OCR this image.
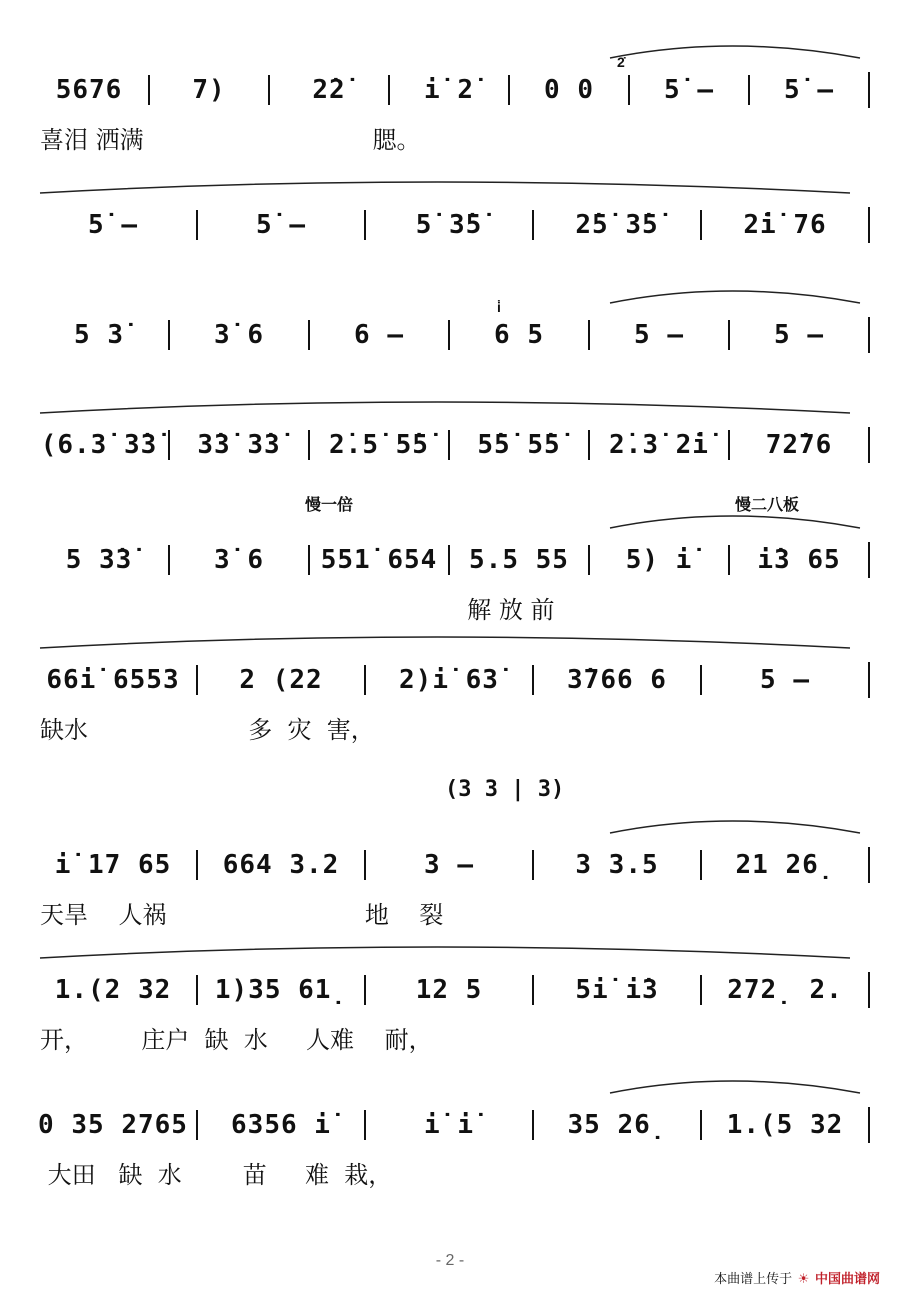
5676	7)	2̇2̇	i̇ 2̇	0 0	5̇ –	5̇ –
2̇
喜泪 洒满                              腮。
5̇ –	5̇ –	5̇ 3̇5̇	2̇5̇ 3̇5̇	2̇i̇ 76
5 3̇	3̇ 6	6 –	6 5	5 –	5 –
i̇
(6.3̇ 3̇3̇	3̇3̇ 3̇3̇	2̇.5̇ 5̇5̇	5̇5̇ 5̇5̇	2̇.3̇ 2̇i̇	72̇76
5 3̇3̇	3̇ 6	551̇ 654	5.5 55	5) i̇	i̇3 65
慢一倍	慢二八板
解 放 前
66i̇ 6553	2 (22	2)i̇ 63̇	3̇766 6	5 –
缺水                     多  灾  害，
i̇ 17 65	664 3.2	3 –	3 3.5	21 26̣
(3 3 | 3)
天旱    人祸                          地    裂
1.(2 32	1)35 61̣	12 5	5i̇ i̇3	272̣ 2.
开，       庄户  缺  水     人难    耐，
0 35 2765	6356 i̇	i̇ i̇	35 26̣	1.(5 32
大田   缺  水        苗     难  栽，
- 2 -
本曲谱上传于 ☀ 中国曲谱网
